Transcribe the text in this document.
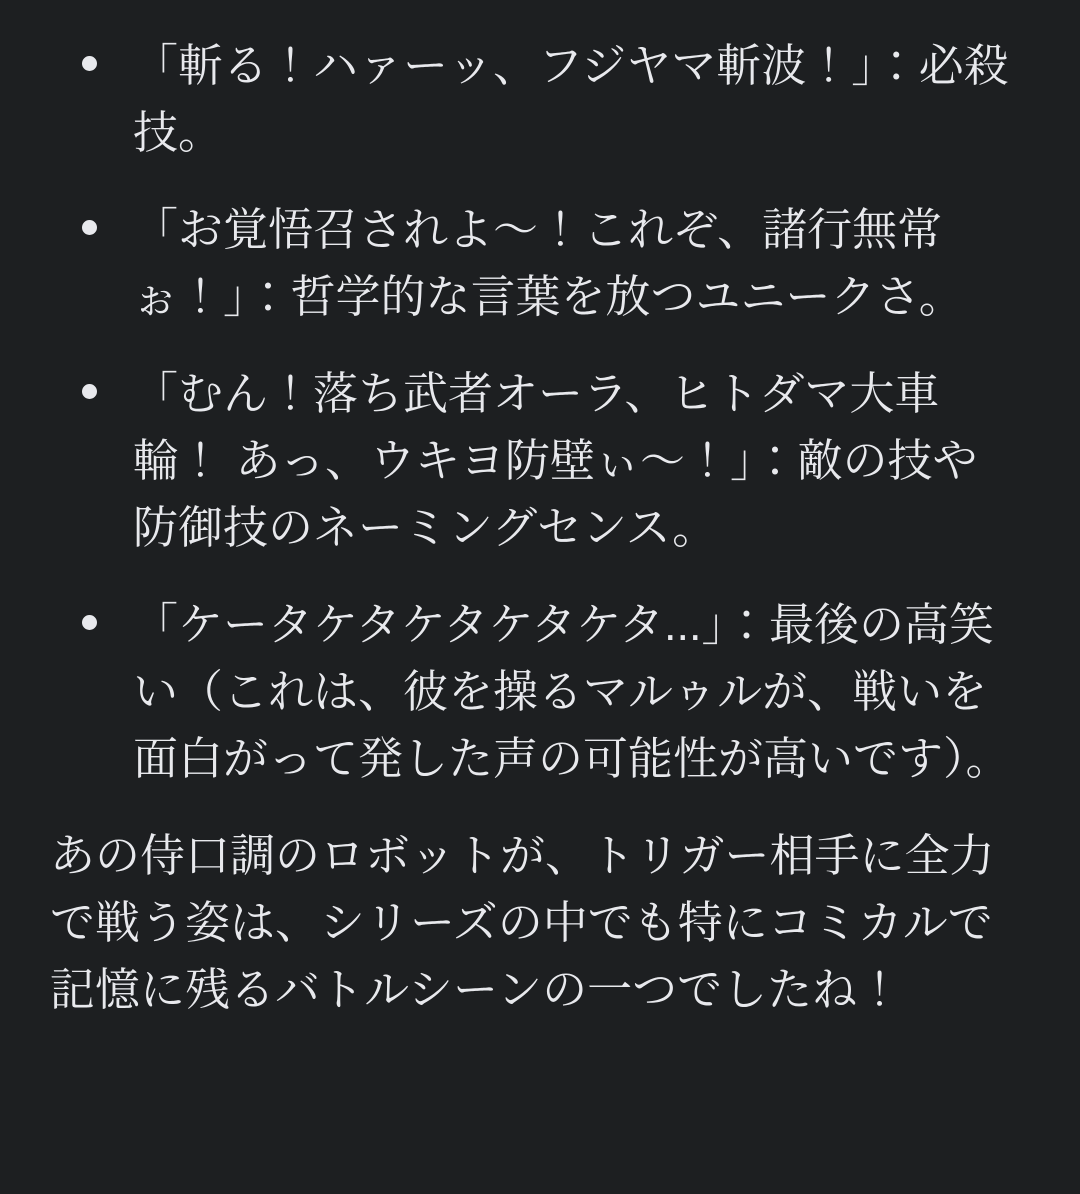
「斬る！ハァーッ、フジヤマ斬波！」：必殺技。
「お覚悟召されよ〜！これぞ、諸行無常ぉ！」：哲学的な言葉を放つユニークさ。
「むん！落ち武者オーラ、ヒトダマ大車輪！ あっ、ウキヨ防壁ぃ〜！」：敵の技や防御技のネーミングセンス。
「ケータケタケタケタケタ...」：最後の高笑い（これは、彼を操るマルゥルが、戦いを面白がって発した声の可能性が高いです）。

あの侍口調のロボットが、トリガー相手に全力で戦う姿は、シリーズの中でも特にコミカルで記憶に残るバトルシーンの一つでしたね！
